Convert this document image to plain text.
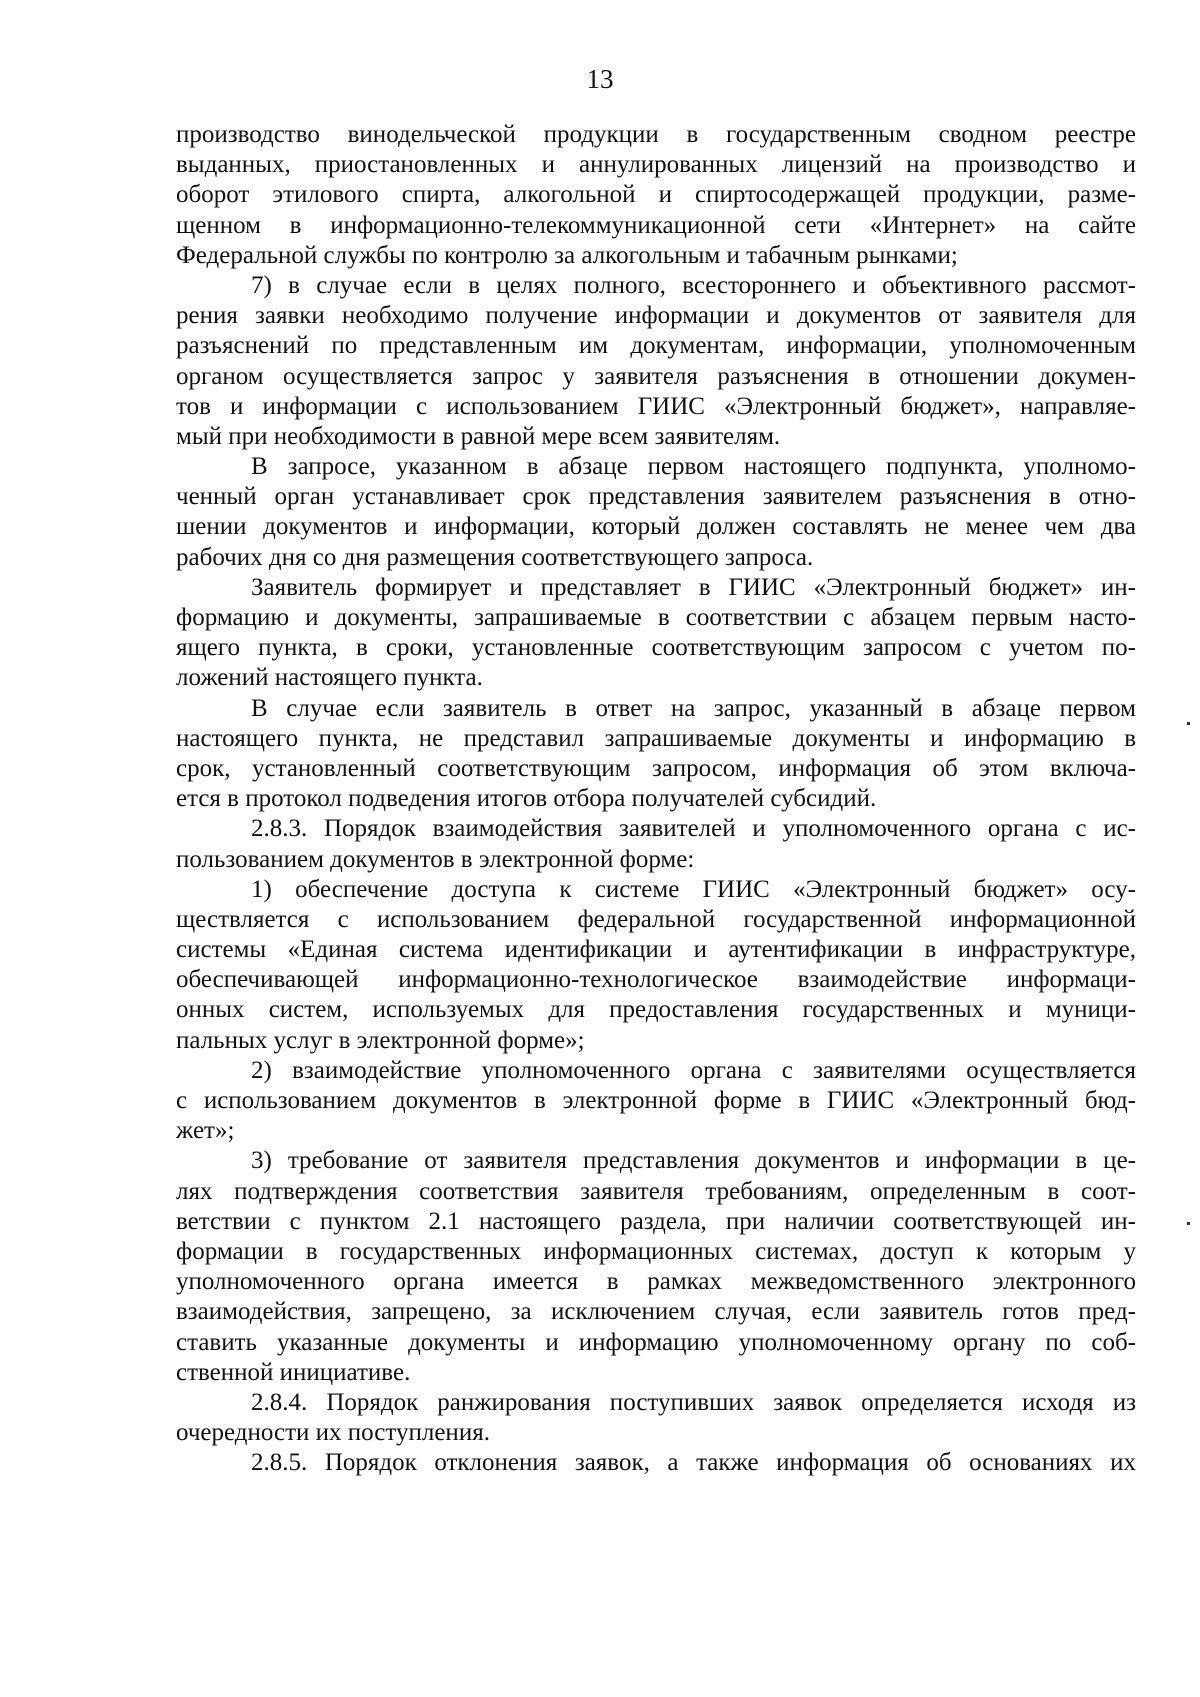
13
производство винодельческой продукции в государственным сводном реестре
выданных, приостановленных и аннулированных лицензий на производство и
оборот этилового спирта, алкогольной и спиртосодержащей продукции, разме-
щенном в информационно-телекоммуникационной сети «Интернет» на сайте
Федеральной службы по контролю за алкогольным и табачным рынками;
7) в случае если в целях полного, всестороннего и объективного рассмот-
рения заявки необходимо получение информации и документов от заявителя для
разъяснений по представленным им документам, информации, уполномоченным
органом осуществляется запрос у заявителя разъяснения в отношении докумен-
тов и информации с использованием ГИИС «Электронный бюджет», направляе-
мый при необходимости в равной мере всем заявителям.
В запросе, указанном в абзаце первом настоящего подпункта, уполномо-
ченный орган устанавливает срок представления заявителем разъяснения в отно-
шении документов и информации, который должен составлять не менее чем два
рабочих дня со дня размещения соответствующего запроса.
Заявитель формирует и представляет в ГИИС «Электронный бюджет» ин-
формацию и документы, запрашиваемые в соответствии с абзацем первым насто-
ящего пункта, в сроки, установленные соответствующим запросом с учетом по-
ложений настоящего пункта.
В случае если заявитель в ответ на запрос, указанный в абзаце первом
настоящего пункта, не представил запрашиваемые документы и информацию в
срок, установленный соответствующим запросом, информация об этом включа-
ется в протокол подведения итогов отбора получателей субсидий.
2.8.3. Порядок взаимодействия заявителей и уполномоченного органа с ис-
пользованием документов в электронной форме:
1) обеспечение доступа к системе ГИИС «Электронный бюджет» осу-
ществляется с использованием федеральной государственной информационной
системы «Единая система идентификации и аутентификации в инфраструктуре,
обеспечивающей информационно-технологическое взаимодействие информаци-
онных систем, используемых для предоставления государственных и муници-
пальных услуг в электронной форме»;
2) взаимодействие уполномоченного органа с заявителями осуществляется
с использованием документов в электронной форме в ГИИС «Электронный бюд-
жет»;
3) требование от заявителя представления документов и информации в це-
лях подтверждения соответствия заявителя требованиям, определенным в соот-
ветствии с пунктом 2.1 настоящего раздела, при наличии соответствующей ин-
формации в государственных информационных системах, доступ к которым у
уполномоченного органа имеется в рамках межведомственного электронного
взаимодействия, запрещено, за исключением случая, если заявитель готов пред-
ставить указанные документы и информацию уполномоченному органу по соб-
ственной инициативе.
2.8.4. Порядок ранжирования поступивших заявок определяется исходя из
очередности их поступления.
2.8.5. Порядок отклонения заявок, а также информация об основаниях их
